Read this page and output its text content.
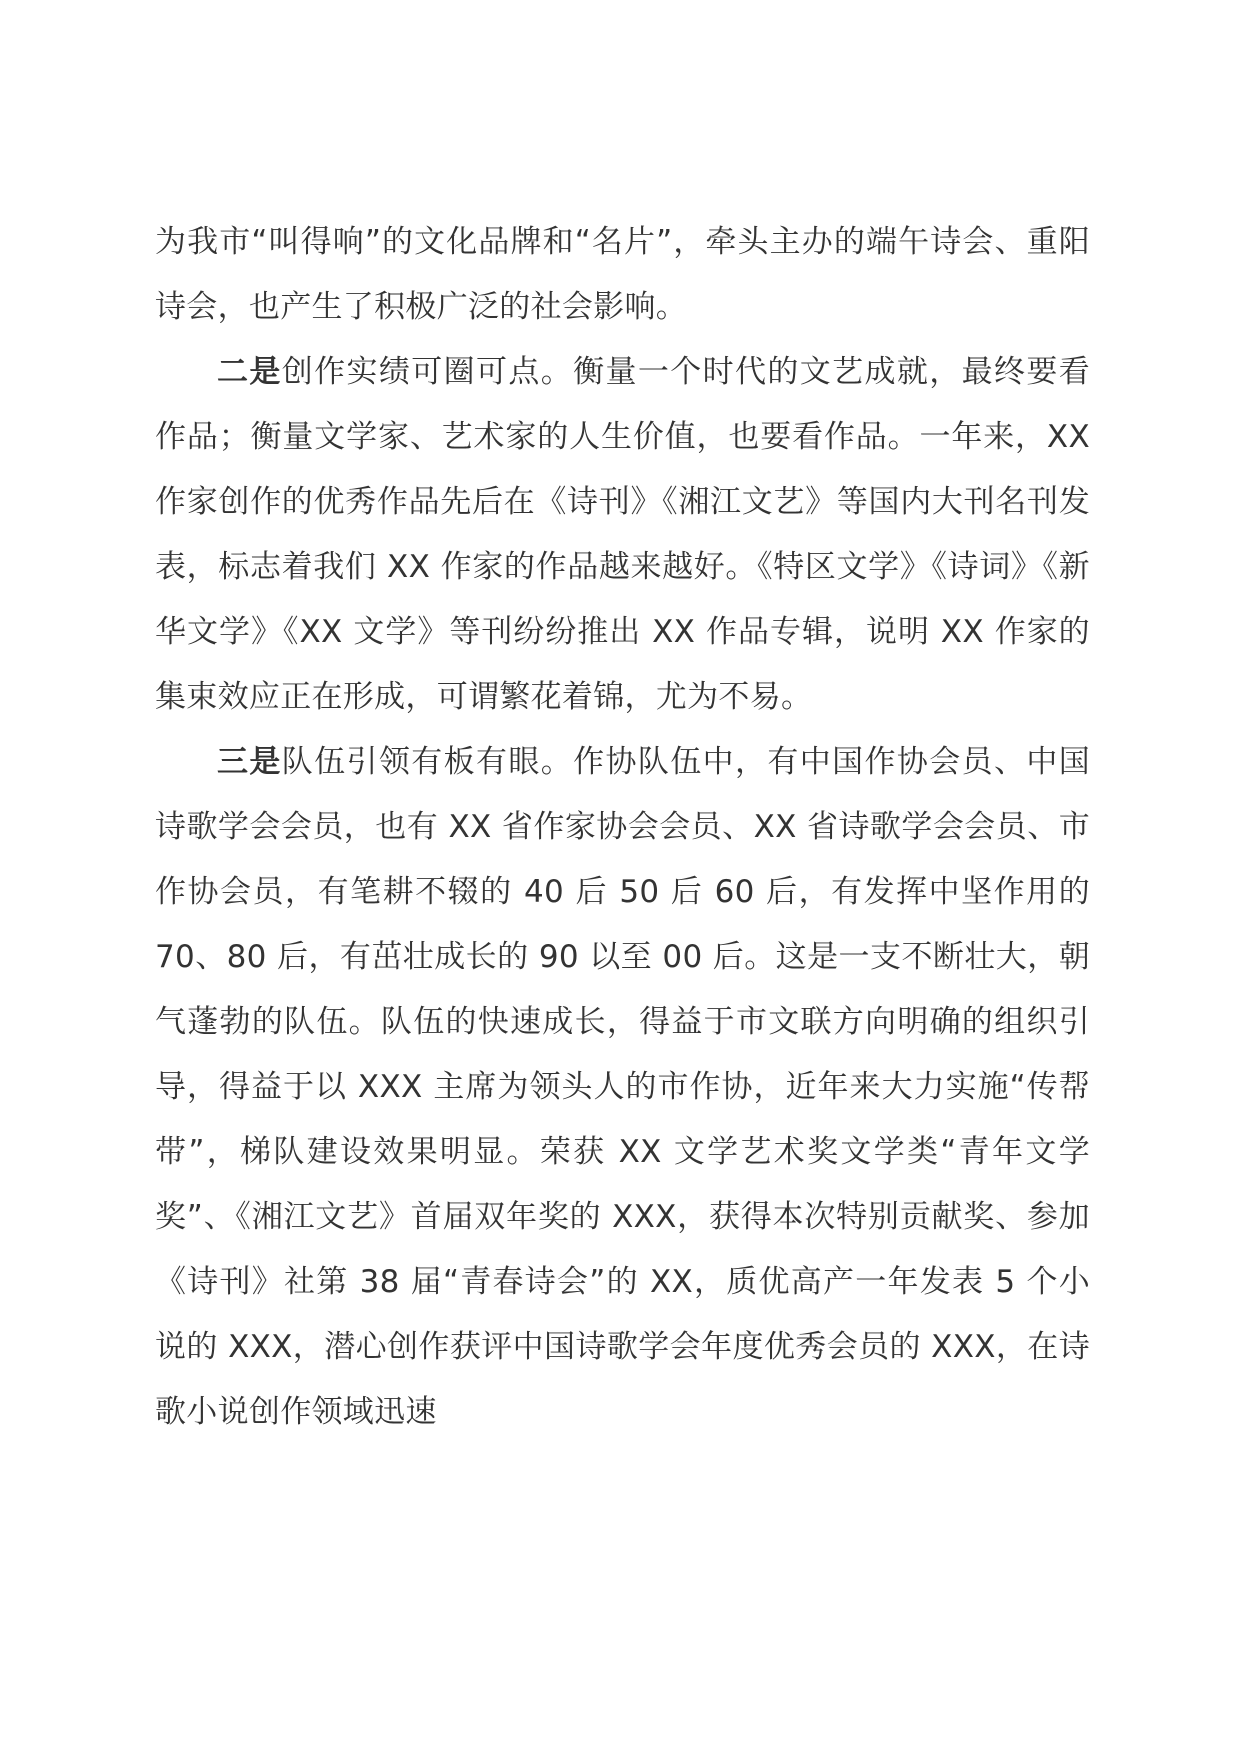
为我市“叫得响”的文化品牌和“名片”，牵头主办的端午诗会、重阳诗会，也产生了积极广泛的社会影响。

二是创作实绩可圈可点。衡量一个时代的文艺成就，最终要看作品；衡量文学家、艺术家的人生价值，也要看作品。一年来，XX 作家创作的优秀作品先后在《诗刊》《湘江文艺》等国内大刊名刊发表，标志着我们 XX 作家的作品越来越好。《特区文学》《诗词》《新华文学》《XX 文学》等刊纷纷推出 XX 作品专辑，说明 XX 作家的集束效应正在形成，可谓繁花着锦，尤为不易。

三是队伍引领有板有眼。作协队伍中，有中国作协会员、中国诗歌学会会员，也有 XX 省作家协会会员、XX 省诗歌学会会员、市作协会员，有笔耕不辍的 40 后 50 后 60 后，有发挥中坚作用的 70、80 后，有茁壮成长的 90 以至 00 后。这是一支不断壮大，朝气蓬勃的队伍。队伍的快速成长，得益于市文联方向明确的组织引导，得益于以 XXX 主席为领头人的市作协，近年来大力实施“传帮带”，梯队建设效果明显。荣获 XX 文学艺术奖文学类“青年文学奖”、《湘江文艺》首届双年奖的 XXX，获得本次特别贡献奖、参加《诗刊》社第 38 届“青春诗会”的 XX，质优高产一年发表 5 个小说的 XXX，潜心创作获评中国诗歌学会年度优秀会员的 XXX，在诗歌小说创作领域迅速
